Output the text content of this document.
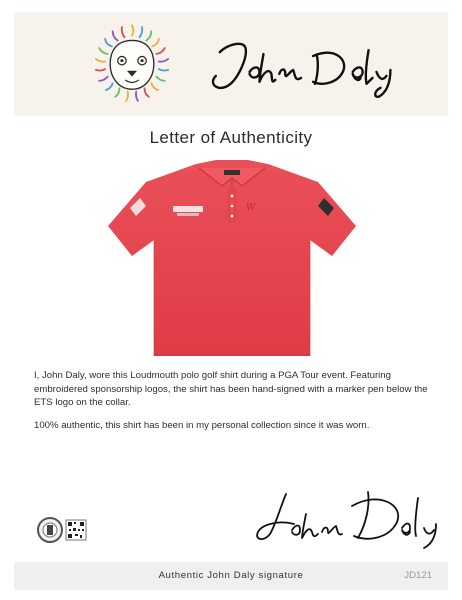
Letter of Authenticity
W

I, John Daly, wore this Loudmouth polo golf shirt during a PGA Tour event. Featuring embroidered sponsorship logos, the shirt has been hand-signed with a marker pen below the ETS logo on the collar.

100% authentic, this shirt has been in my personal collection since it was worn.

Authentic John Daly signature	JD121
